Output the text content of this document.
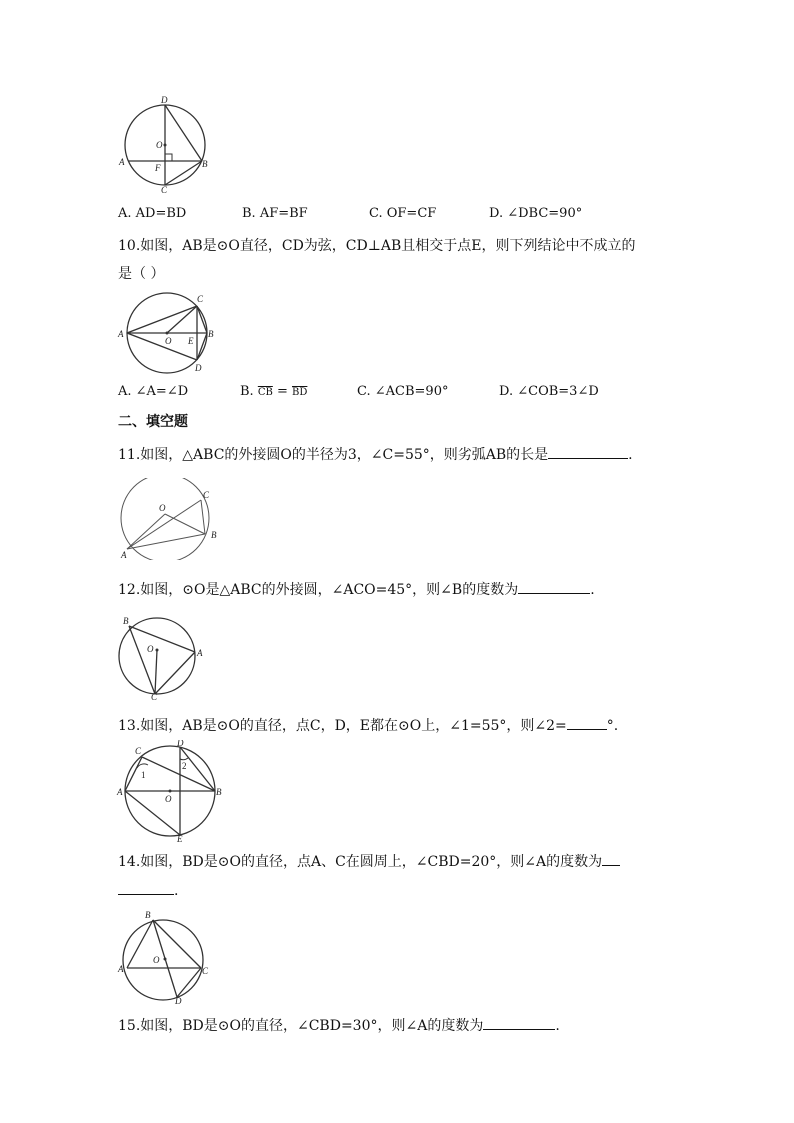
D
O
A
F	B
C
A. AD=BD	B. AF=BF	C. OF=CF	D. ∠DBC=90°
10.如图，AB是⊙O直径，CD为弦，CD⊥AB且相交于点E，则下列结论中不成立的
是（ ）
C
A
O E
B
D
A. ∠A=∠D	B. $\overline{CB} = \overline{BD}$	C. ∠ACB=90°	D. ∠COB=3∠D
二、填空题
11.如图，△ABC的外接圆O的半径为3，∠C=55°，则劣弧AB的长是	.
O
C
B
A
12.如图，⊙O是△ABC的外接圆，∠ACO=45°，则∠B的度数为	.
B
O	A
C
13.如图，AB是⊙O的直径，点C，D，E都在⊙O上，∠1=55°，则∠2=	°.
C
D
1
2
A
O
B
E
14.如图，BD是⊙O的直径，点A、C在圆周上，∠CBD=20°，则∠A的度数为
.
B
A
O
C
D
15.如图，BD是⊙O的直径，∠CBD=30°，则∠A的度数为	.
